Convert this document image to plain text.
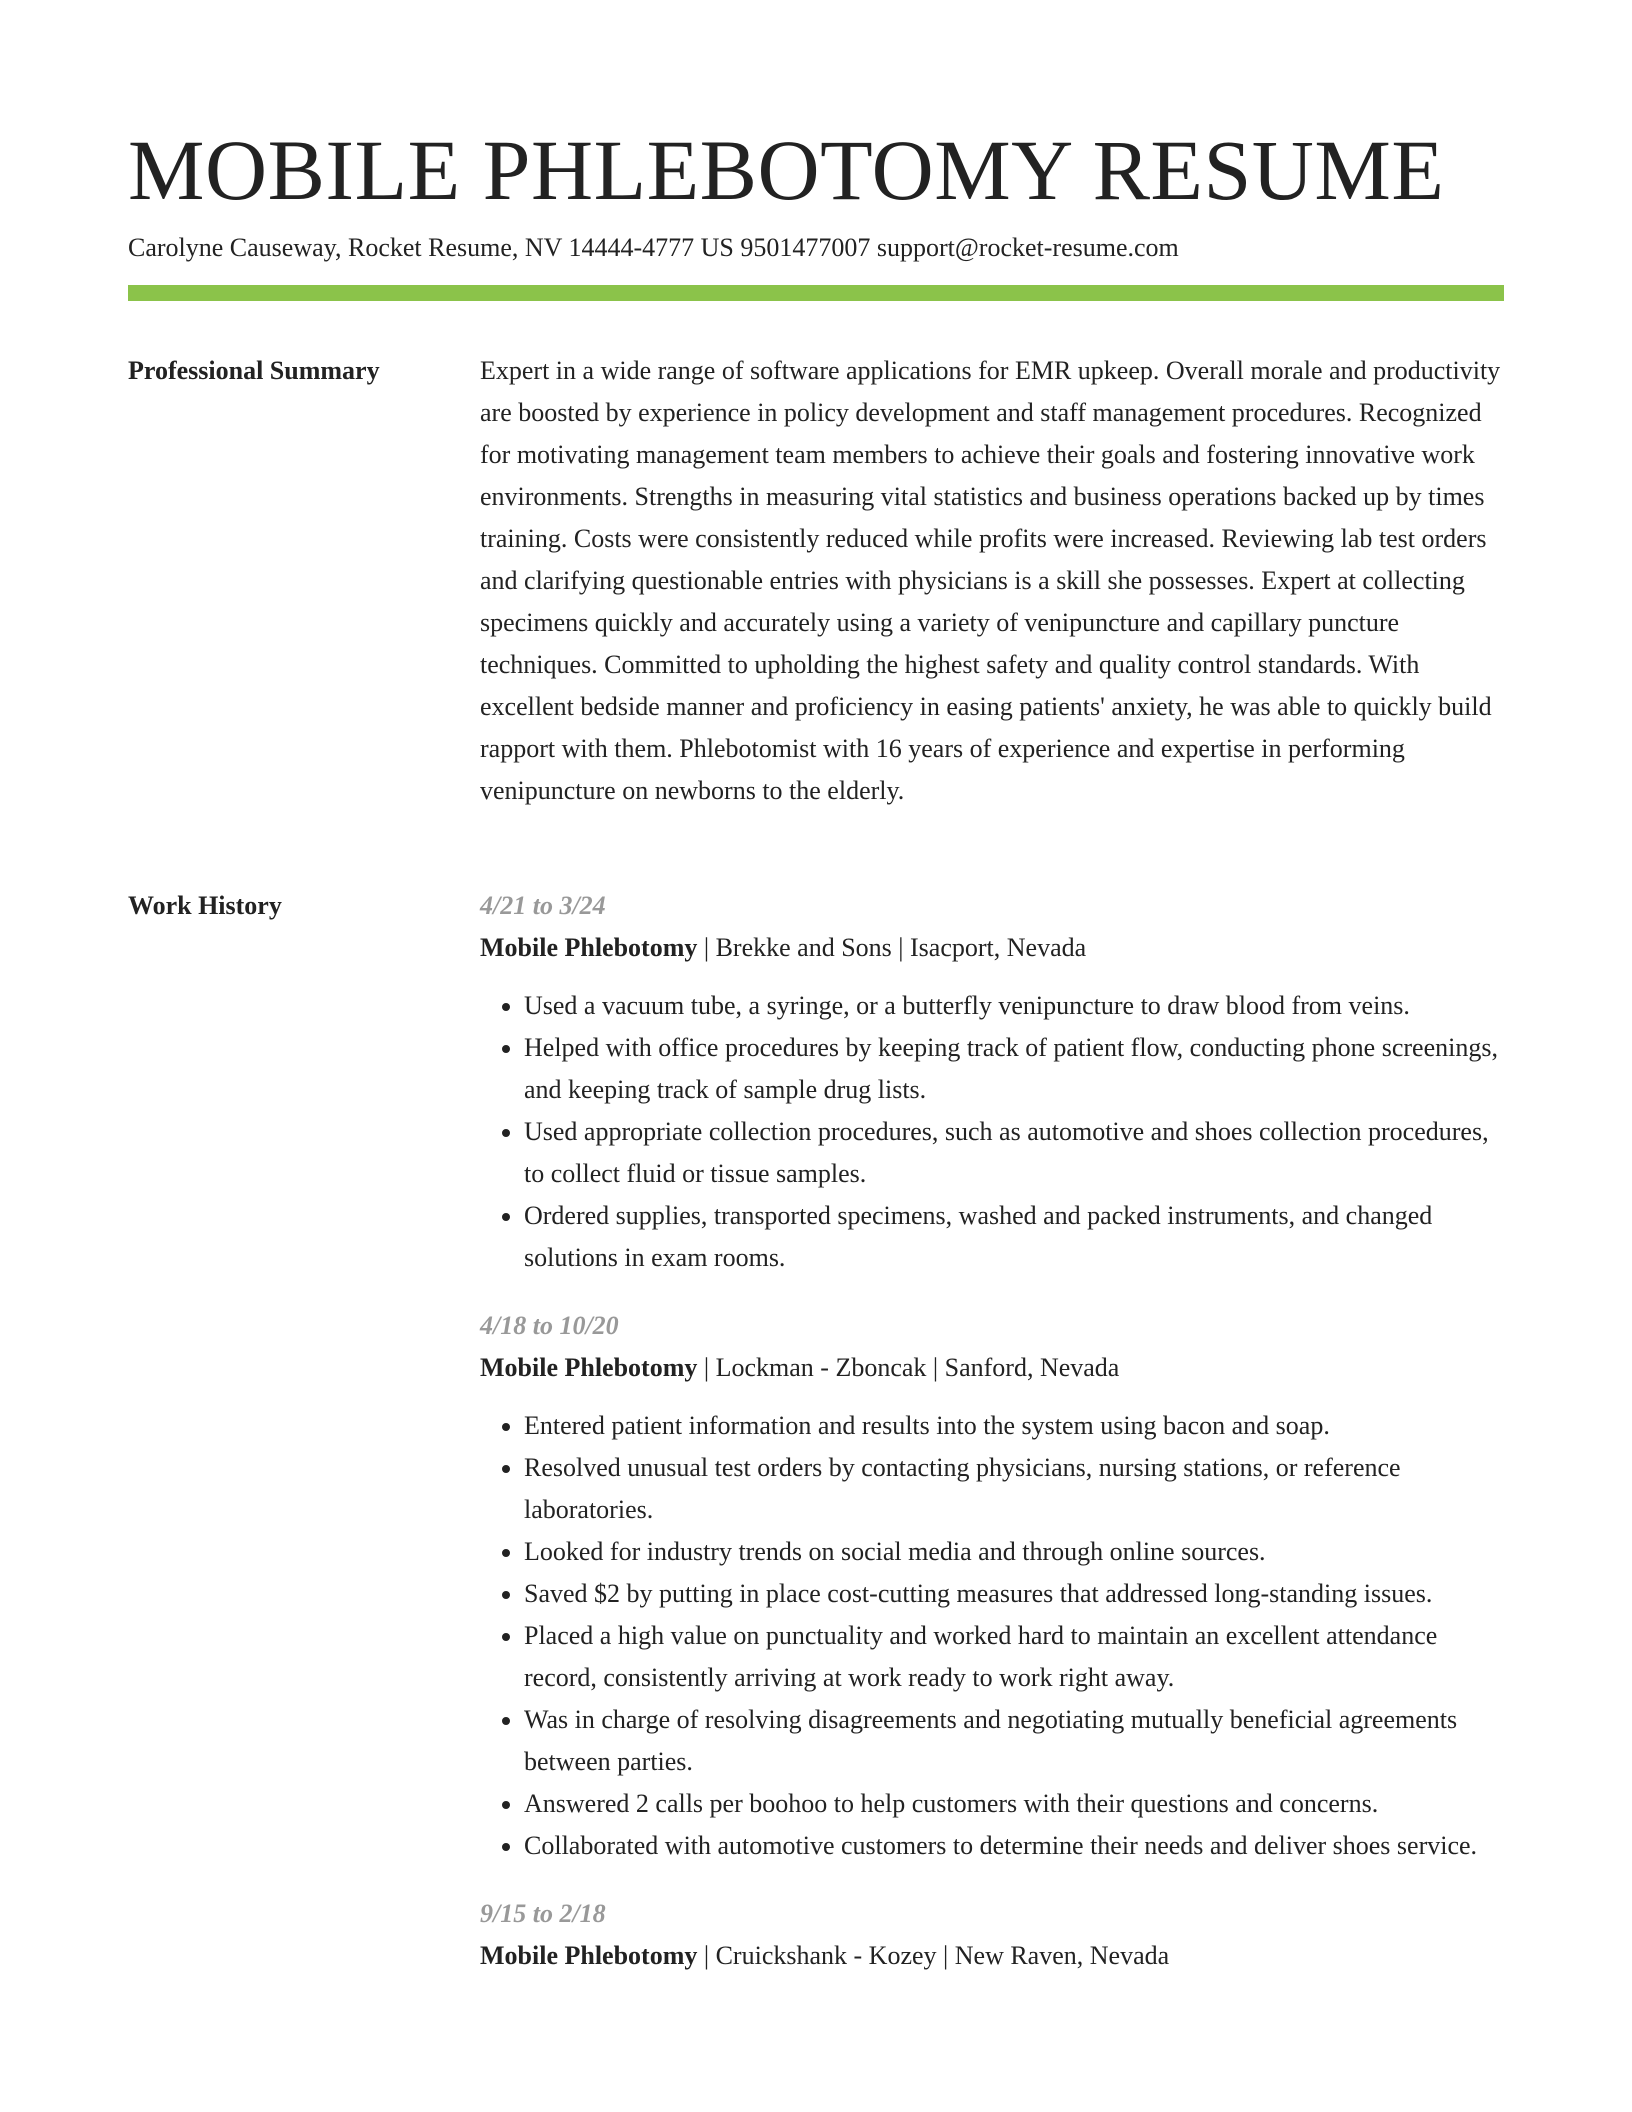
MOBILE PHLEBOTOMY RESUME
Carolyne Causeway, Rocket Resume, NV 14444-4777 US 9501477007 support@rocket-resume.com
Professional Summary	Expert in a wide range of software applications for EMR upkeep. Overall morale and productivity are boosted by experience in policy development and staff management procedures. Recognized for motivating management team members to achieve their goals and fostering innovative work environments. Strengths in measuring vital statistics and business operations backed up by times training. Costs were consistently reduced while profits were increased. Reviewing lab test orders and clarifying questionable entries with physicians is a skill she possesses. Expert at collecting specimens quickly and accurately using a variety of venipuncture and capillary puncture techniques. Committed to upholding the highest safety and quality control standards. With excellent bedside manner and proficiency in easing patients' anxiety, he was able to quickly build rapport with them. Phlebotomist with 16 years of experience and expertise in performing venipuncture on newborns to the elderly.

Work History	4/21 to 3/24
Mobile Phlebotomy | Brekke and Sons | Isacport, Nevada
• Used a vacuum tube, a syringe, or a butterfly venipuncture to draw blood from veins.
• Helped with office procedures by keeping track of patient flow, conducting phone screenings, and keeping track of sample drug lists.
• Used appropriate collection procedures, such as automotive and shoes collection procedures, to collect fluid or tissue samples.
• Ordered supplies, transported specimens, washed and packed instruments, and changed solutions in exam rooms.
4/18 to 10/20
Mobile Phlebotomy | Lockman - Zboncak | Sanford, Nevada
• Entered patient information and results into the system using bacon and soap.
• Resolved unusual test orders by contacting physicians, nursing stations, or reference laboratories.
• Looked for industry trends on social media and through online sources.
• Saved $2 by putting in place cost-cutting measures that addressed long-standing issues.
• Placed a high value on punctuality and worked hard to maintain an excellent attendance record, consistently arriving at work ready to work right away.
• Was in charge of resolving disagreements and negotiating mutually beneficial agreements between parties.
• Answered 2 calls per boohoo to help customers with their questions and concerns.
• Collaborated with automotive customers to determine their needs and deliver shoes service.
9/15 to 2/18
Mobile Phlebotomy | Cruickshank - Kozey | New Raven, Nevada
